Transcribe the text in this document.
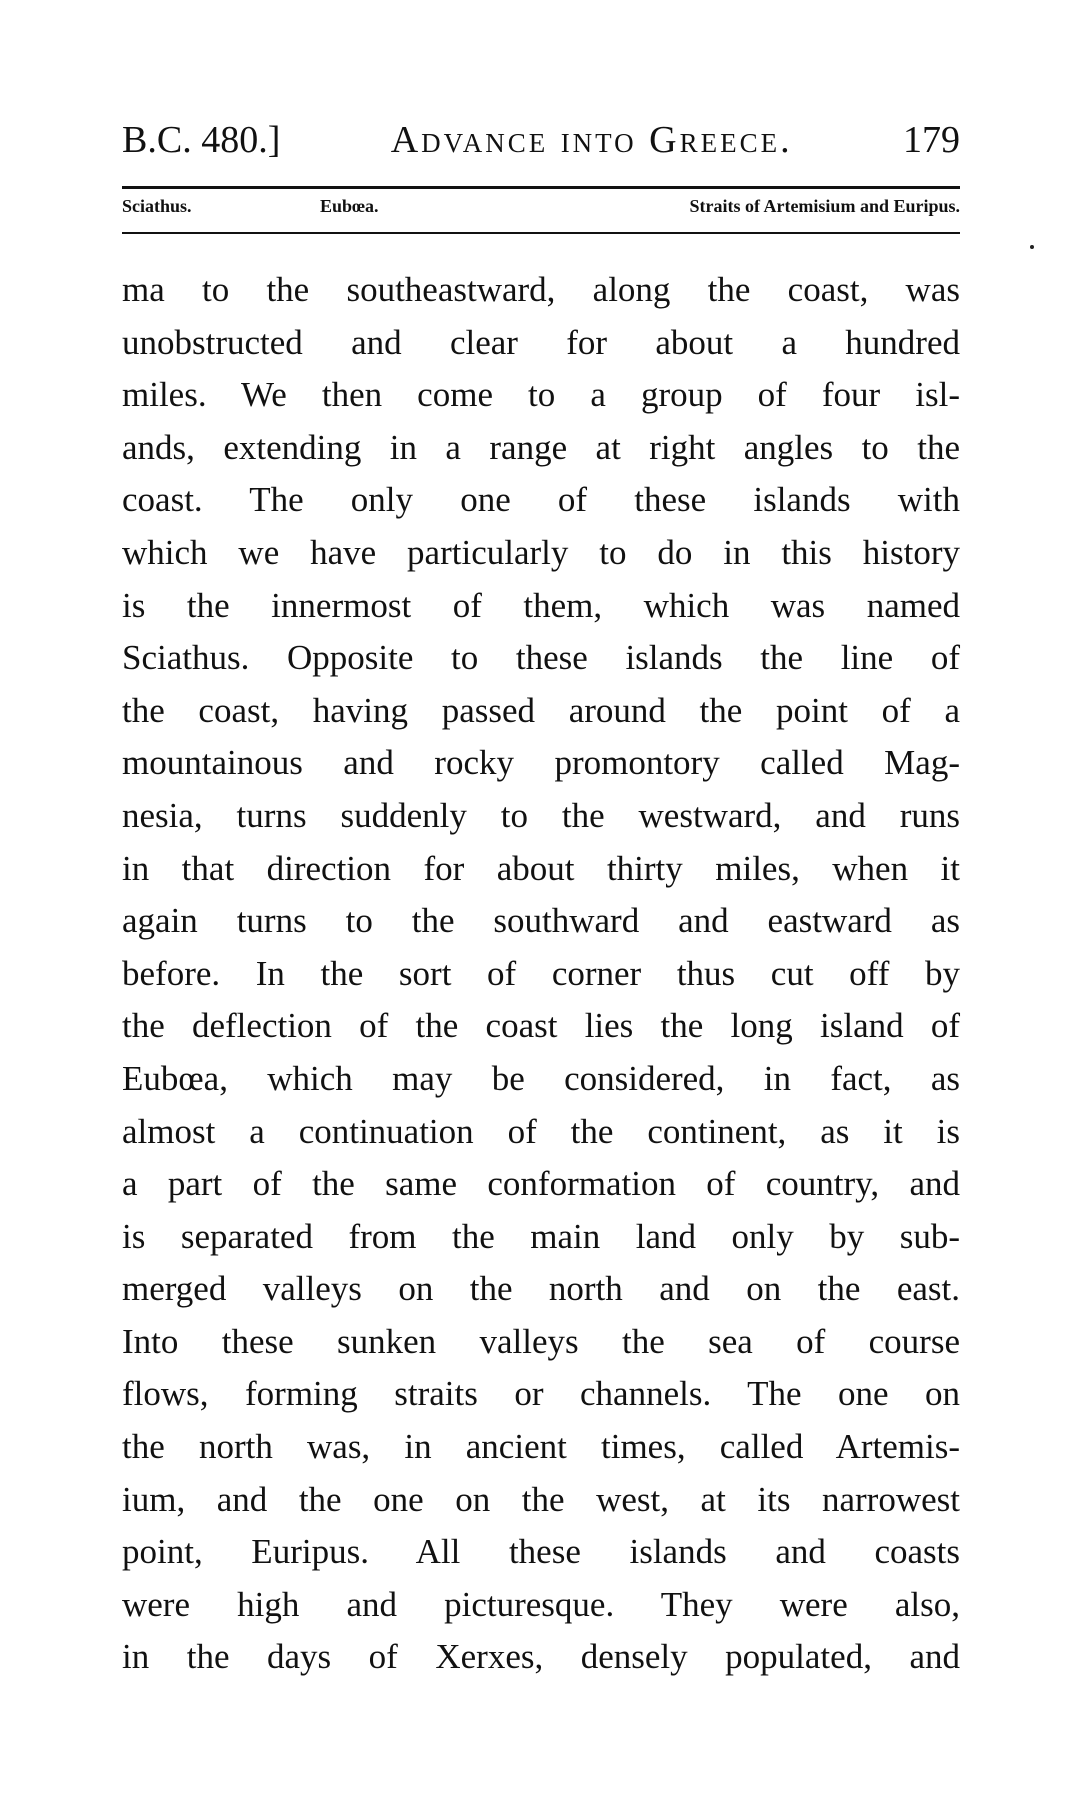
B.C. 480.]	Advance into Greece.	179
Sciathus.	Eubœa.	Straits of Artemisium and Euripus.
ma to the southeastward, along the coast, was
unobstructed and clear for about a hundred
miles. We then come to a group of four isl-
ands, extending in a range at right angles to the
coast. The only one of these islands with
which we have particularly to do in this history
is the innermost of them, which was named
Sciathus. Opposite to these islands the line of
the coast, having passed around the point of a
mountainous and rocky promontory called Mag-
nesia, turns suddenly to the westward, and runs
in that direction for about thirty miles, when it
again turns to the southward and eastward as
before. In the sort of corner thus cut off by
the deflection of the coast lies the long island of
Eubœa, which may be considered, in fact, as
almost a continuation of the continent, as it is
a part of the same conformation of country, and
is separated from the main land only by sub-
merged valleys on the north and on the east.
Into these sunken valleys the sea of course
flows, forming straits or channels. The one on
the north was, in ancient times, called Artemis-
ium, and the one on the west, at its narrowest
point, Euripus. All these islands and coasts
were high and picturesque. They were also,
in the days of Xerxes, densely populated, and
